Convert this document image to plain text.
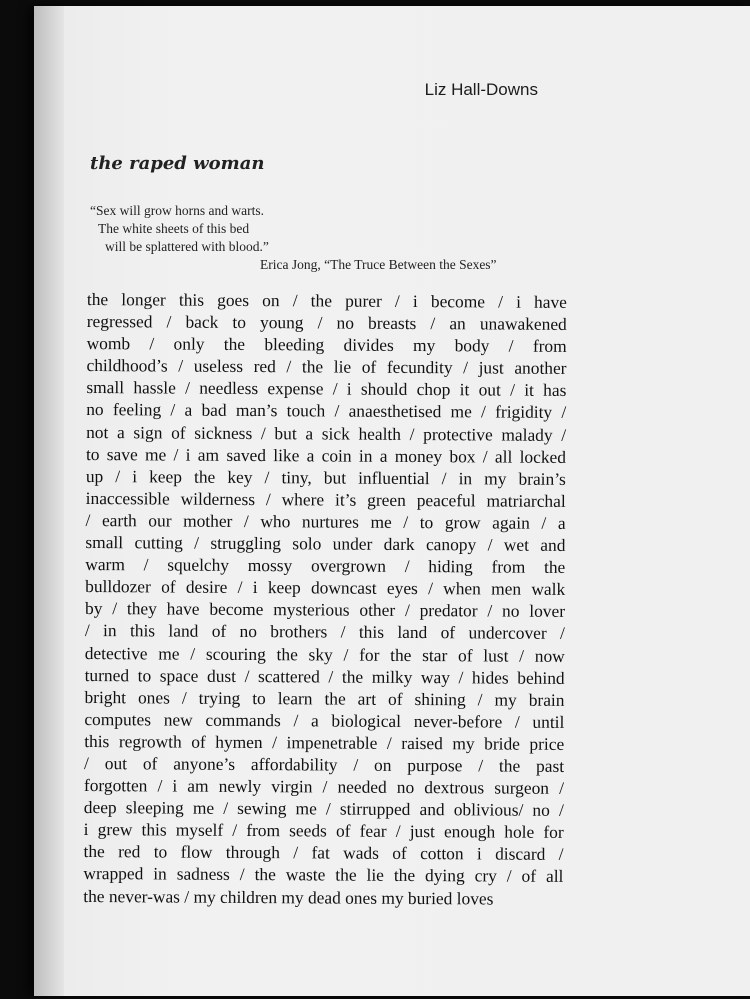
Liz Hall-Downs
the raped woman
“Sex will grow horns and warts.
The white sheets of this bed
will be splattered with blood.”
Erica Jong, “The Truce Between the Sexes”
the longer this goes on / the purer / i become / i have
regressed / back to young / no breasts / an unawakened
womb / only the bleeding divides my body / from
childhood’s / useless red / the lie of fecundity / just another
small hassle / needless expense / i should chop it out / it has
no feeling / a bad man’s touch / anaesthetised me / frigidity /
not a sign of sickness / but a sick health / protective malady /
to save me / i am saved like a coin in a money box / all locked
up / i keep the key / tiny, but influential / in my brain’s
inaccessible wilderness / where it’s green peaceful matriarchal
/ earth our mother / who nurtures me / to grow again / a
small cutting / struggling solo under dark canopy / wet and
warm / squelchy mossy overgrown / hiding from the
bulldozer of desire / i keep downcast eyes / when men walk
by / they have become mysterious other / predator / no lover
/ in this land of no brothers / this land of undercover /
detective me / scouring the sky / for the star of lust / now
turned to space dust / scattered / the milky way / hides behind
bright ones / trying to learn the art of shining / my brain
computes new commands / a biological never-before / until
this regrowth of hymen / impenetrable / raised my bride price
/ out of anyone’s affordability / on purpose / the past
forgotten / i am newly virgin / needed no dextrous surgeon /
deep sleeping me / sewing me / stirrupped and oblivious/ no /
i grew this myself / from seeds of fear / just enough hole for
the red to flow through / fat wads of cotton i discard /
wrapped in sadness / the waste the lie the dying cry / of all
the never-was / my children my dead ones my buried loves
